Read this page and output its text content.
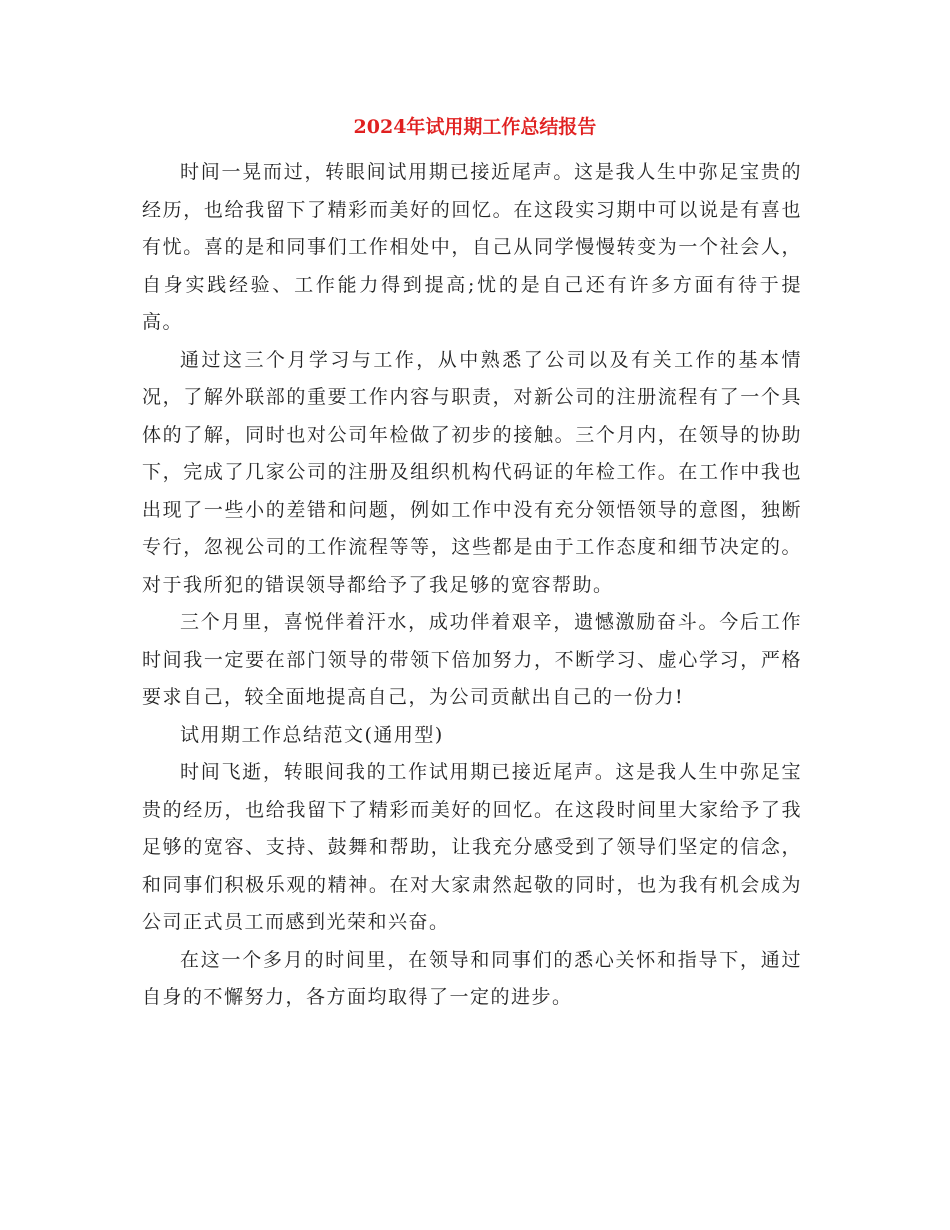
2024年试用期工作总结报告

时间一晃而过，转眼间试用期已接近尾声。这是我人生中弥足宝贵的经历，也给我留下了精彩而美好的回忆。在这段实习期中可以说是有喜也有忧。喜的是和同事们工作相处中，自己从同学慢慢转变为一个社会人，自身实践经验、工作能力得到提高;忧的是自己还有许多方面有待于提高。

通过这三个月学习与工作，从中熟悉了公司以及有关工作的基本情况，了解外联部的重要工作内容与职责，对新公司的注册流程有了一个具体的了解，同时也对公司年检做了初步的接触。三个月内，在领导的协助下，完成了几家公司的注册及组织机构代码证的年检工作。在工作中我也出现了一些小的差错和问题，例如工作中没有充分领悟领导的意图，独断专行，忽视公司的工作流程等等，这些都是由于工作态度和细节决定的。对于我所犯的错误领导都给予了我足够的宽容帮助。

三个月里，喜悦伴着汗水，成功伴着艰辛，遗憾激励奋斗。今后工作时间我一定要在部门领导的带领下倍加努力，不断学习、虚心学习，严格要求自己，较全面地提高自己，为公司贡献出自己的一份力!

试用期工作总结范文(通用型)

时间飞逝，转眼间我的工作试用期已接近尾声。这是我人生中弥足宝贵的经历，也给我留下了精彩而美好的回忆。在这段时间里大家给予了我足够的宽容、支持、鼓舞和帮助，让我充分感受到了领导们坚定的信念，和同事们积极乐观的精神。在对大家肃然起敬的同时，也为我有机会成为公司正式员工而感到光荣和兴奋。

在这一个多月的时间里，在领导和同事们的悉心关怀和指导下，通过自身的不懈努力，各方面均取得了一定的进步。
